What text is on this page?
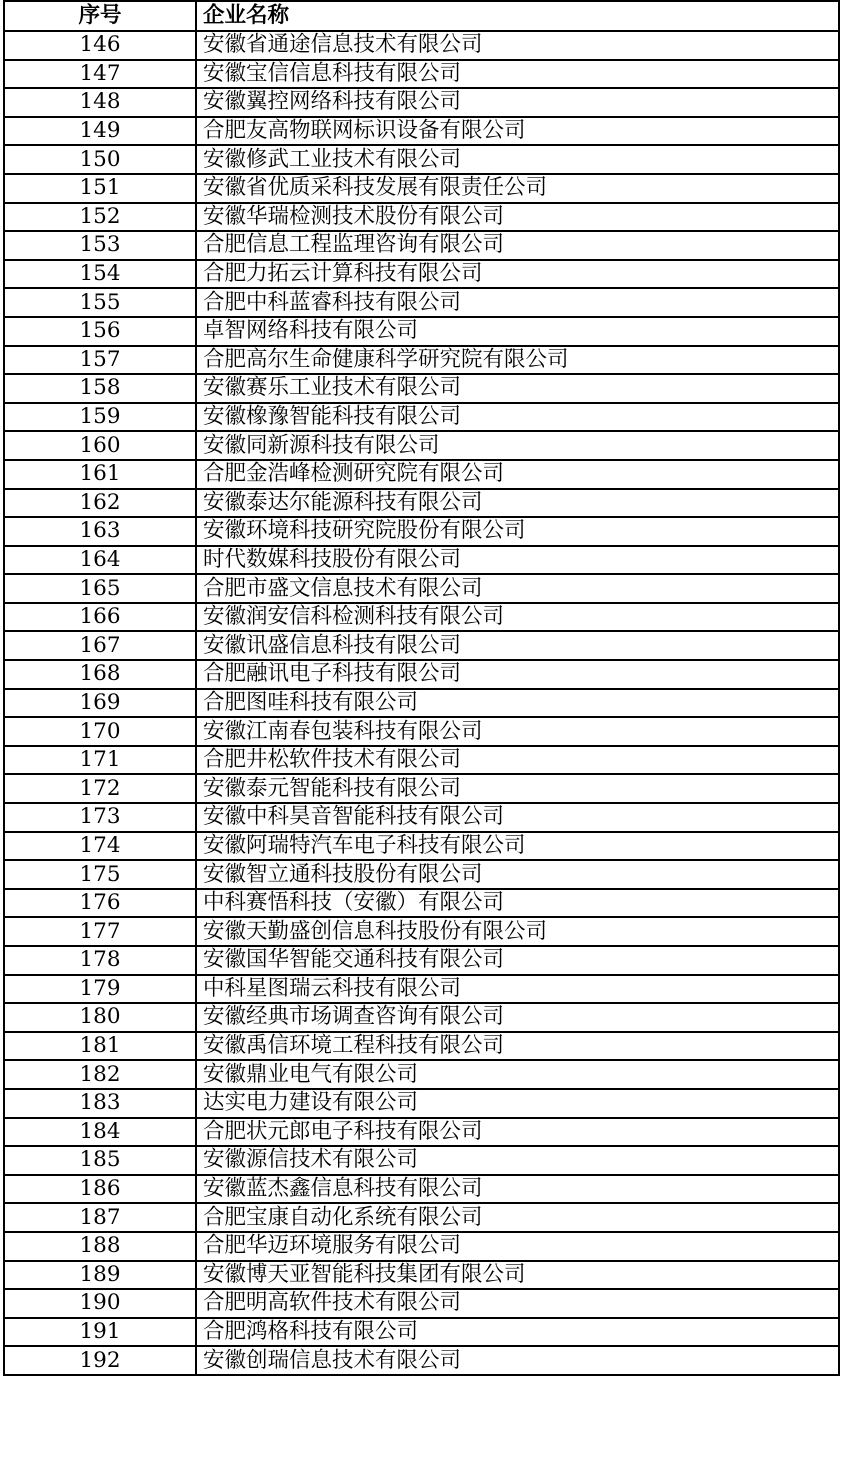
序号	企业名称
146	安徽省通途信息技术有限公司
147	安徽宝信信息科技有限公司
148	安徽翼控网络科技有限公司
149	合肥友高物联网标识设备有限公司
150	安徽修武工业技术有限公司
151	安徽省优质采科技发展有限责任公司
152	安徽华瑞检测技术股份有限公司
153	合肥信息工程监理咨询有限公司
154	合肥力拓云计算科技有限公司
155	合肥中科蓝睿科技有限公司
156	卓智网络科技有限公司
157	合肥高尔生命健康科学研究院有限公司
158	安徽赛乐工业技术有限公司
159	安徽橡豫智能科技有限公司
160	安徽同新源科技有限公司
161	合肥金浩峰检测研究院有限公司
162	安徽泰达尔能源科技有限公司
163	安徽环境科技研究院股份有限公司
164	时代数媒科技股份有限公司
165	合肥市盛文信息技术有限公司
166	安徽润安信科检测科技有限公司
167	安徽讯盛信息科技有限公司
168	合肥融讯电子科技有限公司
169	合肥图哇科技有限公司
170	安徽江南春包装科技有限公司
171	合肥井松软件技术有限公司
172	安徽泰元智能科技有限公司
173	安徽中科昊音智能科技有限公司
174	安徽阿瑞特汽车电子科技有限公司
175	安徽智立通科技股份有限公司
176	中科赛悟科技（安徽）有限公司
177	安徽天勤盛创信息科技股份有限公司
178	安徽国华智能交通科技有限公司
179	中科星图瑞云科技有限公司
180	安徽经典市场调查咨询有限公司
181	安徽禹信环境工程科技有限公司
182	安徽鼎业电气有限公司
183	达实电力建设有限公司
184	合肥状元郎电子科技有限公司
185	安徽源信技术有限公司
186	安徽蓝杰鑫信息科技有限公司
187	合肥宝康自动化系统有限公司
188	合肥华迈环境服务有限公司
189	安徽博天亚智能科技集团有限公司
190	合肥明高软件技术有限公司
191	合肥鸿格科技有限公司
192	安徽创瑞信息技术有限公司
